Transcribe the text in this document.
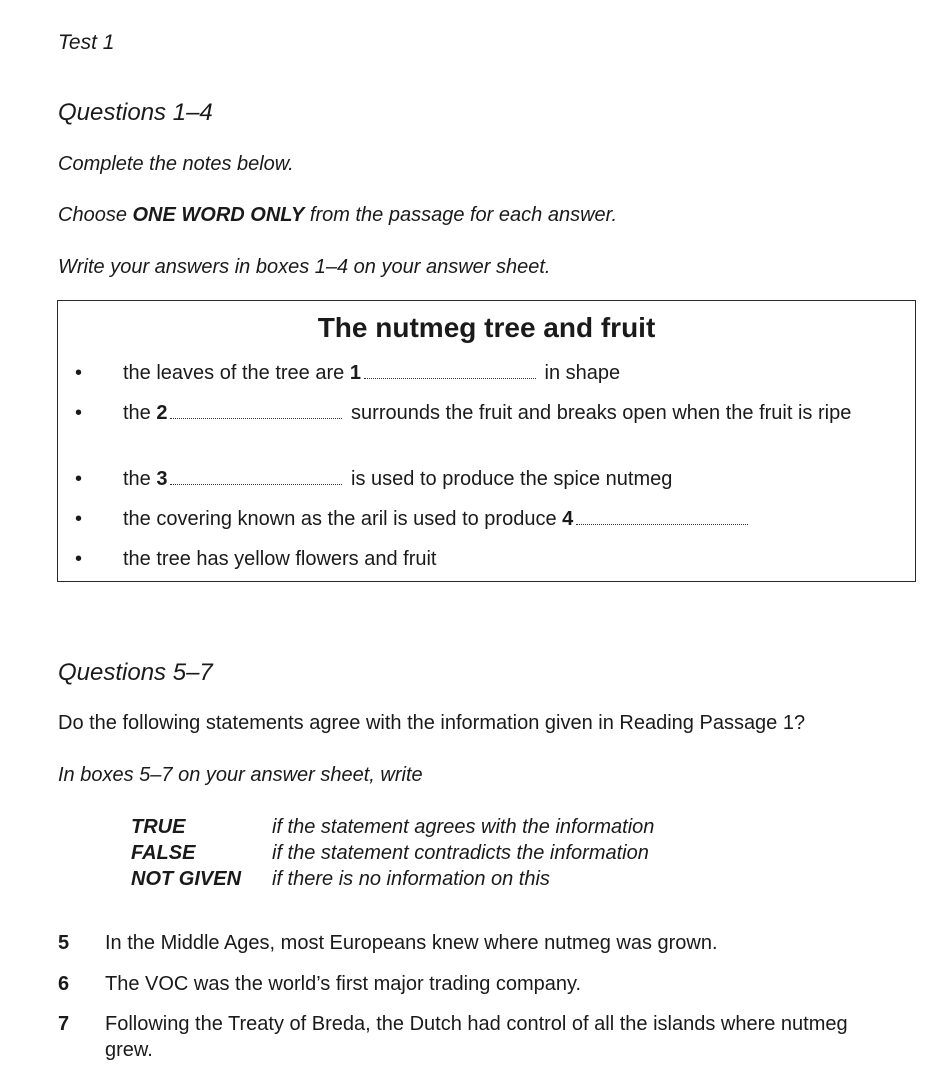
Test 1
Questions 1–4
Complete the notes below.
Choose ONE WORD ONLY from the passage for each answer.
Write your answers in boxes 1–4 on your answer sheet.
The nutmeg tree and fruit
• the leaves of the tree are 1	in shape
• the 2	surrounds the fruit and breaks open when the fruit is ripe
• the 3	is used to produce the spice nutmeg
• the covering known as the aril is used to produce 4
• the tree has yellow flowers and fruit
Questions 5–7
Do the following statements agree with the information given in Reading Passage 1?
In boxes 5–7 on your answer sheet, write
TRUE	if the statement agrees with the information
FALSE	if the statement contradicts the information
NOT GIVEN if there is no information on this
5 In the Middle Ages, most Europeans knew where nutmeg was grown.
6 The VOC was the world’s first major trading company.
7 Following the Treaty of Breda, the Dutch had control of all the islands where nutmeg grew.
